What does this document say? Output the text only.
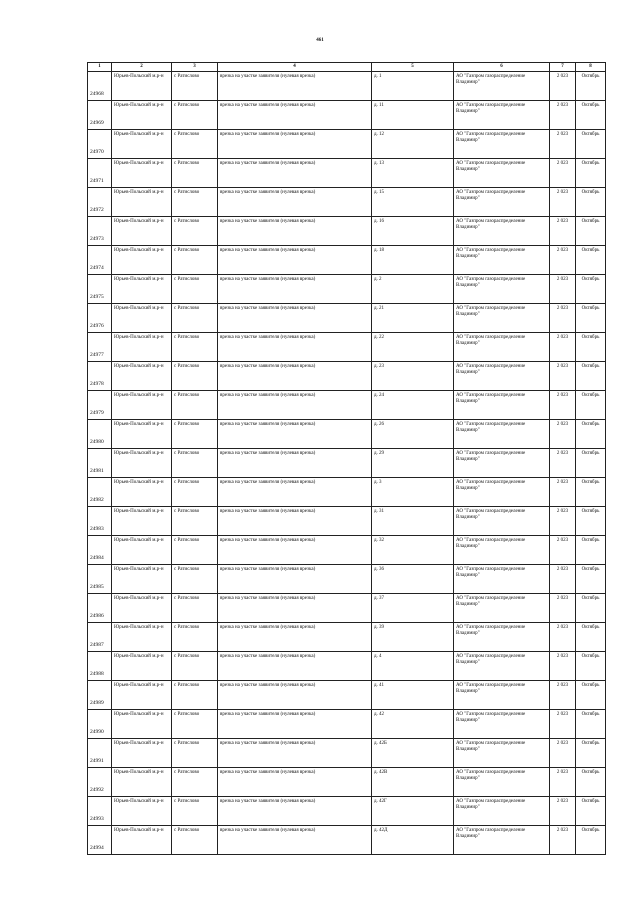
461
1	2	3	4	5	6	7	8

24968	Юрьев-Польский м.р-н	с Ратислово	врезка на участке заявителя (нулевая врезка)	д. 1	АО "Газпром газораспределение Владимир"	2 023	Октябрь

24969	Юрьев-Польский м.р-н	с Ратислово	врезка на участке заявителя (нулевая врезка)	д. 11	АО "Газпром газораспределение Владимир"	2 023	Октябрь

24970	Юрьев-Польский м.р-н	с Ратислово	врезка на участке заявителя (нулевая врезка)	д. 12	АО "Газпром газораспределение Владимир"	2 023	Октябрь

24971	Юрьев-Польский м.р-н	с Ратислово	врезка на участке заявителя (нулевая врезка)	д. 13	АО "Газпром газораспределение Владимир"	2 023	Октябрь

24972	Юрьев-Польский м.р-н	с Ратислово	врезка на участке заявителя (нулевая врезка)	д. 15	АО "Газпром газораспределение Владимир"	2 023	Октябрь

24973	Юрьев-Польский м.р-н	с Ратислово	врезка на участке заявителя (нулевая врезка)	д. 16	АО "Газпром газораспределение Владимир"	2 023	Октябрь

24974	Юрьев-Польский м.р-н	с Ратислово	врезка на участке заявителя (нулевая врезка)	д. 18	АО "Газпром газораспределение Владимир"	2 023	Октябрь

24975	Юрьев-Польский м.р-н	с Ратислово	врезка на участке заявителя (нулевая врезка)	д. 2	АО "Газпром газораспределение Владимир"	2 023	Октябрь

24976	Юрьев-Польский м.р-н	с Ратислово	врезка на участке заявителя (нулевая врезка)	д. 21	АО "Газпром газораспределение Владимир"	2 023	Октябрь

24977	Юрьев-Польский м.р-н	с Ратислово	врезка на участке заявителя (нулевая врезка)	д. 22	АО "Газпром газораспределение Владимир"	2 023	Октябрь

24978	Юрьев-Польский м.р-н	с Ратислово	врезка на участке заявителя (нулевая врезка)	д. 23	АО "Газпром газораспределение Владимир"	2 023	Октябрь

24979	Юрьев-Польский м.р-н	с Ратислово	врезка на участке заявителя (нулевая врезка)	д. 24	АО "Газпром газораспределение Владимир"	2 023	Октябрь

24980	Юрьев-Польский м.р-н	с Ратислово	врезка на участке заявителя (нулевая врезка)	д. 26	АО "Газпром газораспределение Владимир"	2 023	Октябрь

24981	Юрьев-Польский м.р-н	с Ратислово	врезка на участке заявителя (нулевая врезка)	д. 29	АО "Газпром газораспределение Владимир"	2 023	Октябрь

24982	Юрьев-Польский м.р-н	с Ратислово	врезка на участке заявителя (нулевая врезка)	д. 3	АО "Газпром газораспределение Владимир"	2 023	Октябрь

24983	Юрьев-Польский м.р-н	с Ратислово	врезка на участке заявителя (нулевая врезка)	д. 31	АО "Газпром газораспределение Владимир"	2 023	Октябрь

24984	Юрьев-Польский м.р-н	с Ратислово	врезка на участке заявителя (нулевая врезка)	д. 32	АО "Газпром газораспределение Владимир"	2 023	Октябрь

24985	Юрьев-Польский м.р-н	с Ратислово	врезка на участке заявителя (нулевая врезка)	д. 36	АО "Газпром газораспределение Владимир"	2 023	Октябрь

24986	Юрьев-Польский м.р-н	с Ратислово	врезка на участке заявителя (нулевая врезка)	д. 37	АО "Газпром газораспределение Владимир"	2 023	Октябрь

24987	Юрьев-Польский м.р-н	с Ратислово	врезка на участке заявителя (нулевая врезка)	д. 39	АО "Газпром газораспределение Владимир"	2 023	Октябрь

24988	Юрьев-Польский м.р-н	с Ратислово	врезка на участке заявителя (нулевая врезка)	д. 4	АО "Газпром газораспределение Владимир"	2 023	Октябрь

24989	Юрьев-Польский м.р-н	с Ратислово	врезка на участке заявителя (нулевая врезка)	д. 41	АО "Газпром газораспределение Владимир"	2 023	Октябрь

24990	Юрьев-Польский м.р-н	с Ратислово	врезка на участке заявителя (нулевая врезка)	д. 42	АО "Газпром газораспределение Владимир"	2 023	Октябрь

24991	Юрьев-Польский м.р-н	с Ратислово	врезка на участке заявителя (нулевая врезка)	д. 42Б	АО "Газпром газораспределение Владимир"	2 023	Октябрь

24992	Юрьев-Польский м.р-н	с Ратислово	врезка на участке заявителя (нулевая врезка)	д. 42В	АО "Газпром газораспределение Владимир"	2 023	Октябрь

24993	Юрьев-Польский м.р-н	с Ратислово	врезка на участке заявителя (нулевая врезка)	д. 42Г	АО "Газпром газораспределение Владимир"	2 023	Октябрь

24994	Юрьев-Польский м.р-н	с Ратислово	врезка на участке заявителя (нулевая врезка)	д. 42Д	АО "Газпром газораспределение Владимир"	2 023	Октябрь
